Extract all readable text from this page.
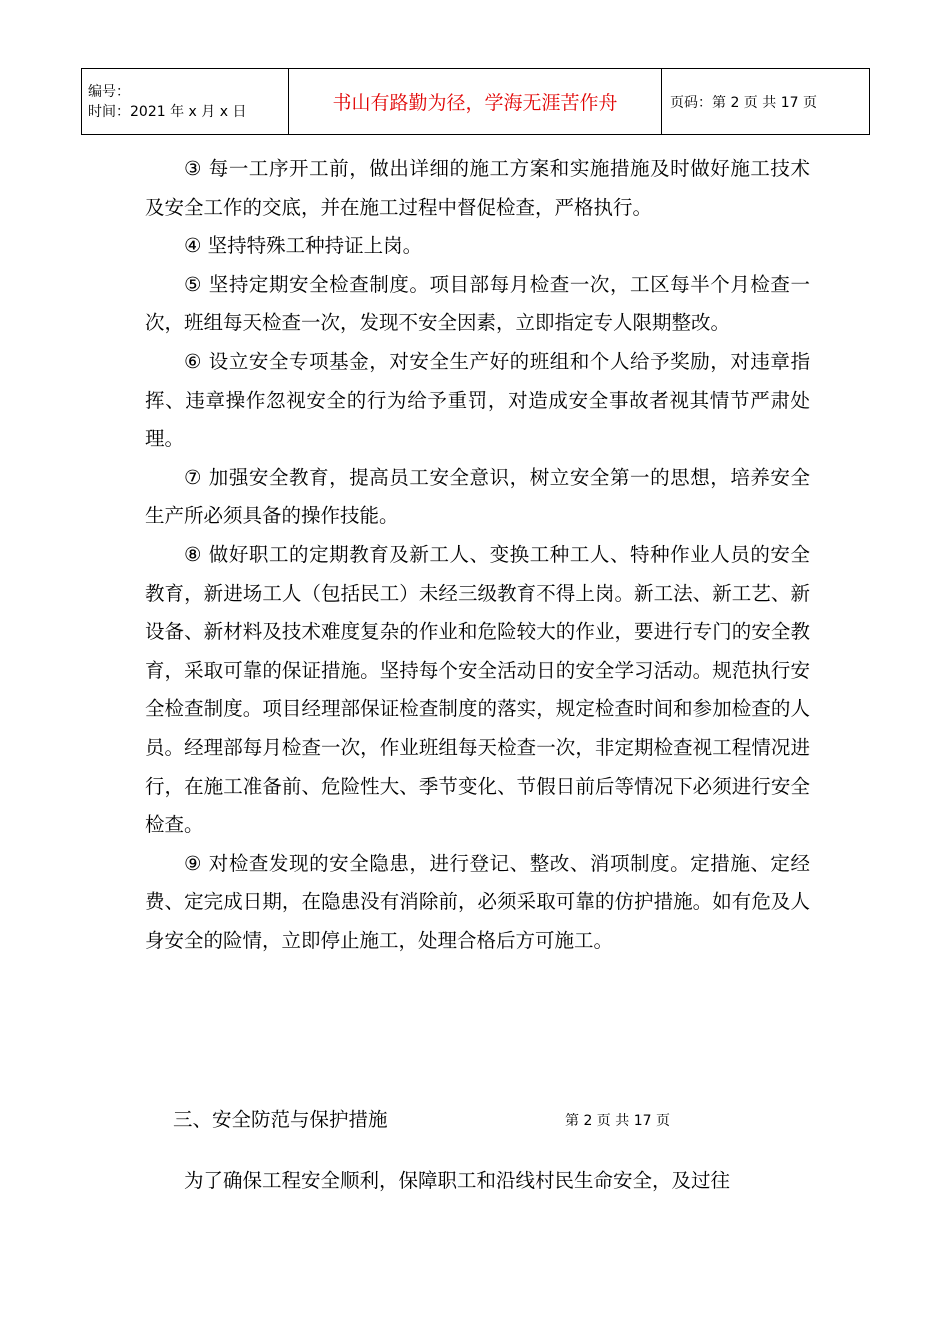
编号：
时间：2021 年 x 月 x 日	书山有路勤为径，学海无涯苦作舟	页码：第 2 页 共 17 页

③ 每一工序开工前，做出详细的施工方案和实施措施及时做好施工技术及安全工作的交底，并在施工过程中督促检查，严格执行。

④ 坚持特殊工种持证上岗。

⑤ 坚持定期安全检查制度。项目部每月检查一次，工区每半个月检查一次，班组每天检查一次，发现不安全因素，立即指定专人限期整改。

⑥ 设立安全专项基金，对安全生产好的班组和个人给予奖励，对违章指挥、违章操作忽视安全的行为给予重罚，对造成安全事故者视其情节严肃处理。

⑦ 加强安全教育，提高员工安全意识，树立安全第一的思想，培养安全生产所必须具备的操作技能。

⑧ 做好职工的定期教育及新工人、变换工种工人、特种作业人员的安全教育，新进场工人（包括民工）未经三级教育不得上岗。新工法、新工艺、新设备、新材料及技术难度复杂的作业和危险较大的作业，要进行专门的安全教育，采取可靠的保证措施。坚持每个安全活动日的安全学习活动。规范执行安全检查制度。项目经理部保证检查制度的落实，规定检查时间和参加检查的人员。经理部每月检查一次，作业班组每天检查一次，非定期检查视工程情况进行，在施工准备前、危险性大、季节变化、节假日前后等情况下必须进行安全检查。

⑨ 对检查发现的安全隐患，进行登记、整改、消项制度。定措施、定经费、定完成日期，在隐患没有消除前，必须采取可靠的仿护措施。如有危及人身安全的险情，立即停止施工，处理合格后方可施工。

三、安全防范与保护措施	第 2 页 共 17 页
为了确保工程安全顺利，保障职工和沿线村民生命安全，及过往
